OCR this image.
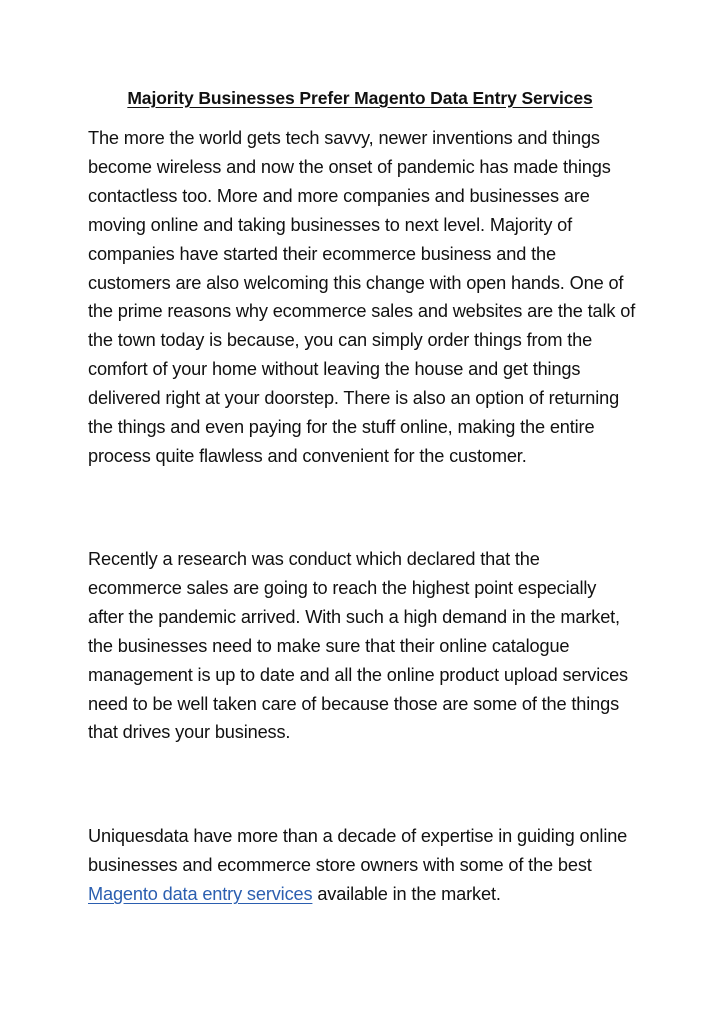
Majority Businesses Prefer Magento Data Entry Services

The more the world gets tech savvy, newer inventions and things become wireless and now the onset of pandemic has made things contactless too. More and more companies and businesses are moving online and taking businesses to next level. Majority of companies have started their ecommerce business and the customers are also welcoming this change with open hands. One of the prime reasons why ecommerce sales and websites are the talk of the town today is because, you can simply order things from the comfort of your home without leaving the house and get things delivered right at your doorstep. There is also an option of returning the things and even paying for the stuff online, making the entire process quite flawless and convenient for the customer.

Recently a research was conduct which declared that the ecommerce sales are going to reach the highest point especially after the pandemic arrived. With such a high demand in the market, the businesses need to make sure that their online catalogue management is up to date and all the online product upload services need to be well taken care of because those are some of the things that drives your business.

Uniquesdata have more than a decade of expertise in guiding online businesses and ecommerce store owners with some of the best Magento data entry services available in the market.
